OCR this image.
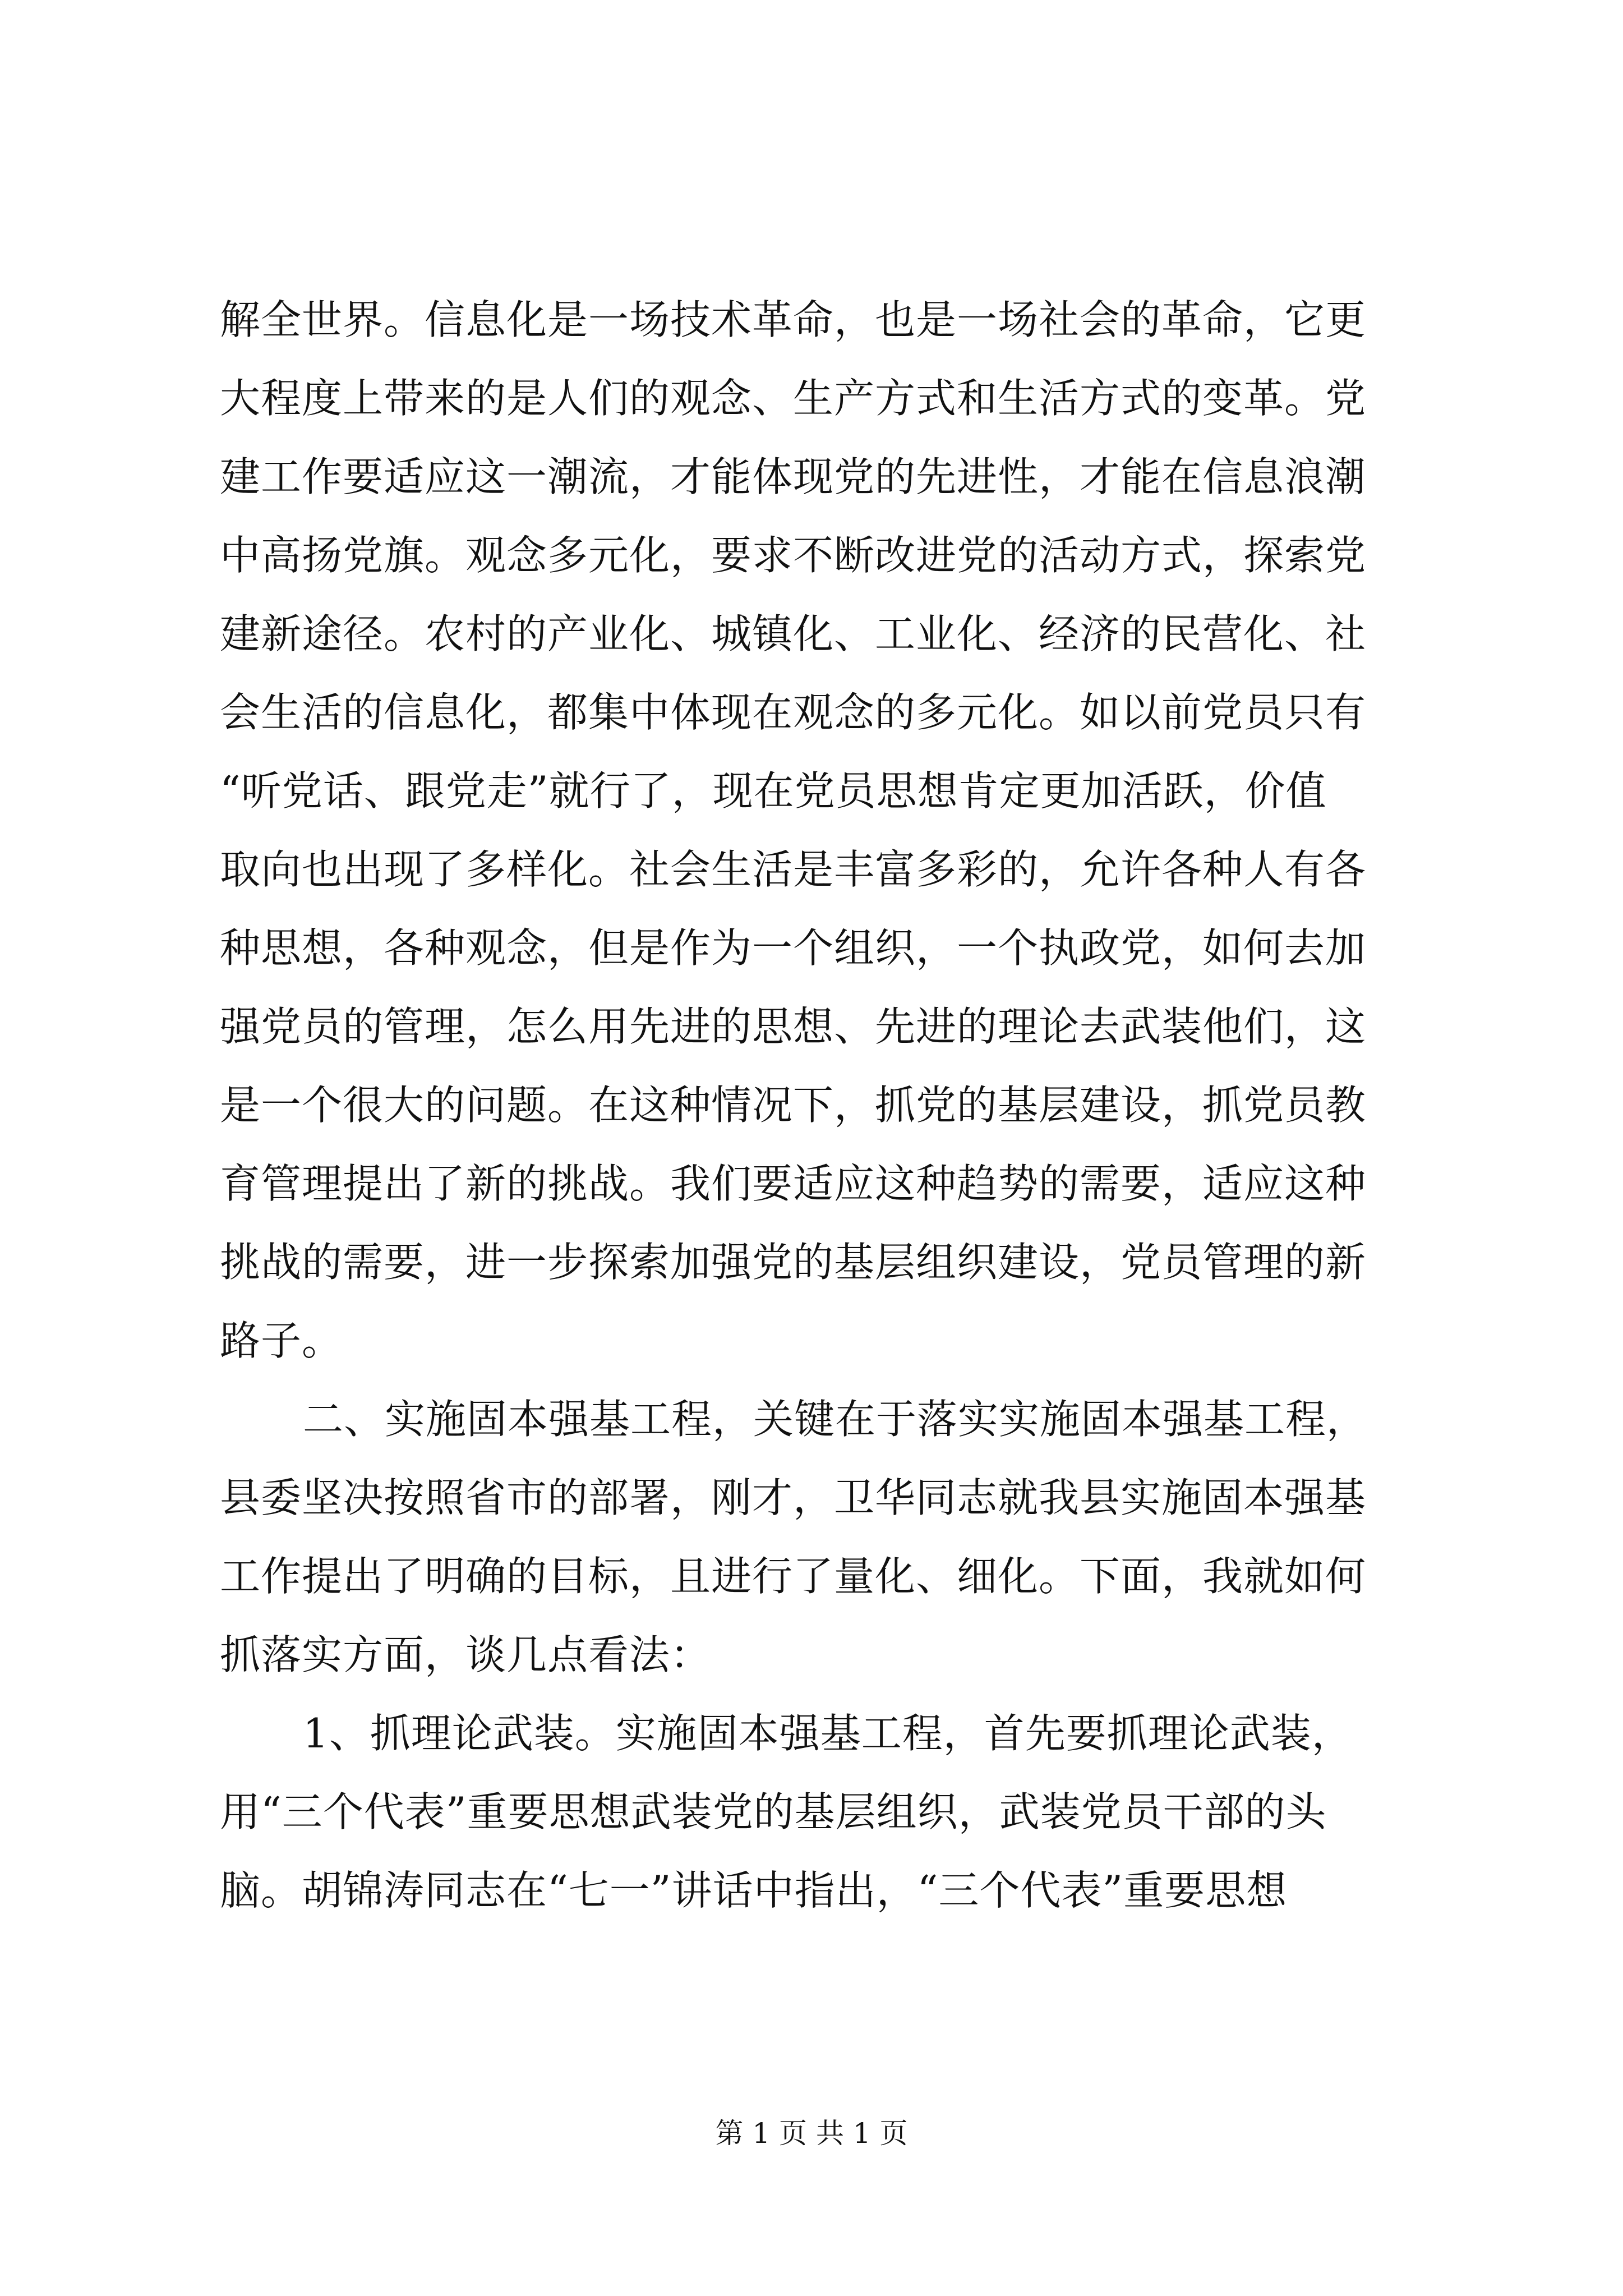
解全世界。信息化是一场技术革命，也是一场社会的革命，它更
大程度上带来的是人们的观念、生产方式和生活方式的变革。党
建工作要适应这一潮流，才能体现党的先进性，才能在信息浪潮
中高扬党旗。观念多元化，要求不断改进党的活动方式，探索党
建新途径。农村的产业化、城镇化、工业化、经济的民营化、社
会生活的信息化，都集中体现在观念的多元化。如以前党员只有
“听党话、跟党走”就行了，现在党员思想肯定更加活跃，价值
取向也出现了多样化。社会生活是丰富多彩的，允许各种人有各
种思想，各种观念，但是作为一个组织，一个执政党，如何去加
强党员的管理，怎么用先进的思想、先进的理论去武装他们，这
是一个很大的问题。在这种情况下，抓党的基层建设，抓党员教
育管理提出了新的挑战。我们要适应这种趋势的需要，适应这种
挑战的需要，进一步探索加强党的基层组织建设，党员管理的新
路子。
二、实施固本强基工程，关键在于落实实施固本强基工程，
县委坚决按照省市的部署，刚才，卫华同志就我县实施固本强基
工作提出了明确的目标，且进行了量化、细化。下面，我就如何
抓落实方面，谈几点看法：
1、抓理论武装。实施固本强基工程，首先要抓理论武装，
用“三个代表”重要思想武装党的基层组织，武装党员干部的头
脑。胡锦涛同志在“七一”讲话中指出，“三个代表”重要思想
第 1 页 共 1 页
